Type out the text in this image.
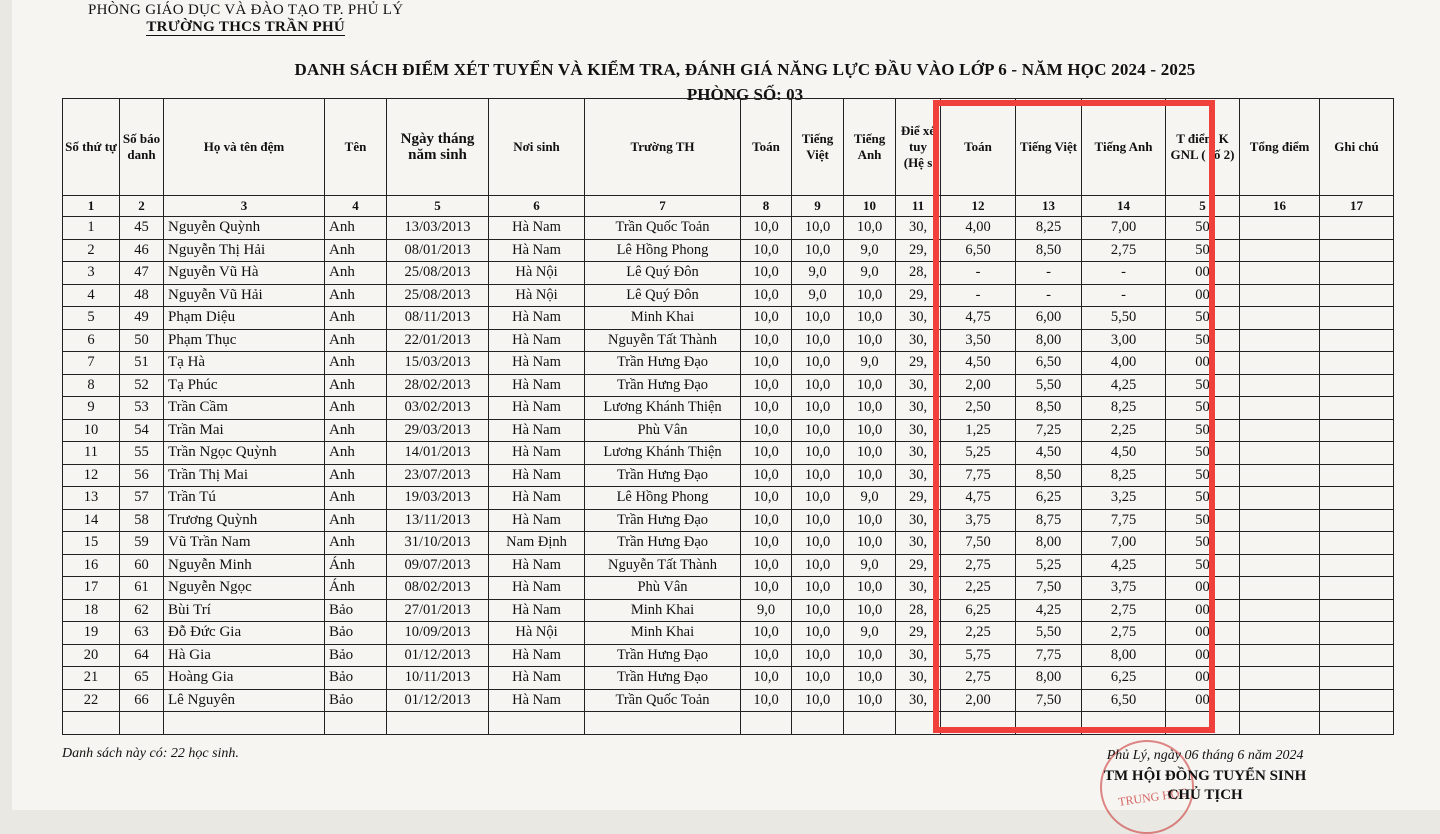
PHÒNG GIÁO DỤC VÀ ĐÀO TẠO TP. PHỦ LÝ
TRƯỜNG THCS TRẦN PHÚ
DANH SÁCH ĐIỂM XÉT TUYỂN VÀ KIỂM TRA, ĐÁNH GIÁ NĂNG LỰC ĐẦU VÀO LỚP 6 - NĂM HỌC 2024 - 2025
PHÒNG SỐ: 03
Số thứ tự	Số báo danh	Họ và tên đệm	Tên	Ngày tháng năm sinh	Nơi sinh	Trường TH	Toán	Tiếng Việt	Tiếng Anh	Điể xé tuy (Hệ s	Toán	Tiếng Việt	Tiếng Anh	T điểm K GNL ( số 2)	Tổng điểm	Ghi chú
1	2	3	4	5	6	7	8	9	10	11	12	13	14	5	16	17
1	45	Nguyễn Quỳnh	Anh	13/03/2013	Hà Nam	Trần Quốc Toản	10,0	10,0	10,0	30,	4,00	8,25	7,00	50		
2	46	Nguyễn Thị Hải	Anh	08/01/2013	Hà Nam	Lê Hồng Phong	10,0	10,0	9,0	29,	6,50	8,50	2,75	50		
3	47	Nguyễn Vũ Hà	Anh	25/08/2013	Hà Nội	Lê Quý Đôn	10,0	9,0	9,0	28,	-	-	-	00		
4	48	Nguyễn Vũ Hải	Anh	25/08/2013	Hà Nội	Lê Quý Đôn	10,0	9,0	10,0	29,	-	-	-	00		
5	49	Phạm Diệu	Anh	08/11/2013	Hà Nam	Minh Khai	10,0	10,0	10,0	30,	4,75	6,00	5,50	50		
6	50	Phạm Thục	Anh	22/01/2013	Hà Nam	Nguyễn Tất Thành	10,0	10,0	10,0	30,	3,50	8,00	3,00	50		
7	51	Tạ Hà	Anh	15/03/2013	Hà Nam	Trần Hưng Đạo	10,0	10,0	9,0	29,	4,50	6,50	4,00	00		
8	52	Tạ Phúc	Anh	28/02/2013	Hà Nam	Trần Hưng Đạo	10,0	10,0	10,0	30,	2,00	5,50	4,25	50		
9	53	Trần Cầm	Anh	03/02/2013	Hà Nam	Lương Khánh Thiện	10,0	10,0	10,0	30,	2,50	8,50	8,25	50		
10	54	Trần Mai	Anh	29/03/2013	Hà Nam	Phù Vân	10,0	10,0	10,0	30,	1,25	7,25	2,25	50		
11	55	Trần Ngọc Quỳnh	Anh	14/01/2013	Hà Nam	Lương Khánh Thiện	10,0	10,0	10,0	30,	5,25	4,50	4,50	50		
12	56	Trần Thị Mai	Anh	23/07/2013	Hà Nam	Trần Hưng Đạo	10,0	10,0	10,0	30,	7,75	8,50	8,25	50		
13	57	Trần Tú	Anh	19/03/2013	Hà Nam	Lê Hồng Phong	10,0	10,0	9,0	29,	4,75	6,25	3,25	50		
14	58	Trương Quỳnh	Anh	13/11/2013	Hà Nam	Trần Hưng Đạo	10,0	10,0	10,0	30,	3,75	8,75	7,75	50		
15	59	Vũ Trần Nam	Anh	31/10/2013	Nam Định	Trần Hưng Đạo	10,0	10,0	10,0	30,	7,50	8,00	7,00	50		
16	60	Nguyễn Minh	Ánh	09/07/2013	Hà Nam	Nguyễn Tất Thành	10,0	10,0	9,0	29,	2,75	5,25	4,25	50		
17	61	Nguyễn Ngọc	Ánh	08/02/2013	Hà Nam	Phù Vân	10,0	10,0	10,0	30,	2,25	7,50	3,75	00		
18	62	Bùi Trí	Bảo	27/01/2013	Hà Nam	Minh Khai	9,0	10,0	10,0	28,	6,25	4,25	2,75	00		
19	63	Đỗ Đức Gia	Bảo	10/09/2013	Hà Nội	Minh Khai	10,0	10,0	9,0	29,	2,25	5,50	2,75	00		
20	64	Hà Gia	Bảo	01/12/2013	Hà Nam	Trần Hưng Đạo	10,0	10,0	10,0	30,	5,75	7,75	8,00	00		
21	65	Hoàng Gia	Bảo	10/11/2013	Hà Nam	Trần Hưng Đạo	10,0	10,0	10,0	30,	2,75	8,00	6,25	00		
22	66	Lê Nguyên	Bảo	01/12/2013	Hà Nam	Trần Quốc Toản	10,0	10,0	10,0	30,	2,00	7,50	6,50	00		

Danh sách này có: 22 học sinh.
TRUNG HỌC
Phủ Lý, ngày 06 tháng 6 năm 2024
TM HỘI ĐỒNG TUYỂN SINH
CHỦ TỊCH
